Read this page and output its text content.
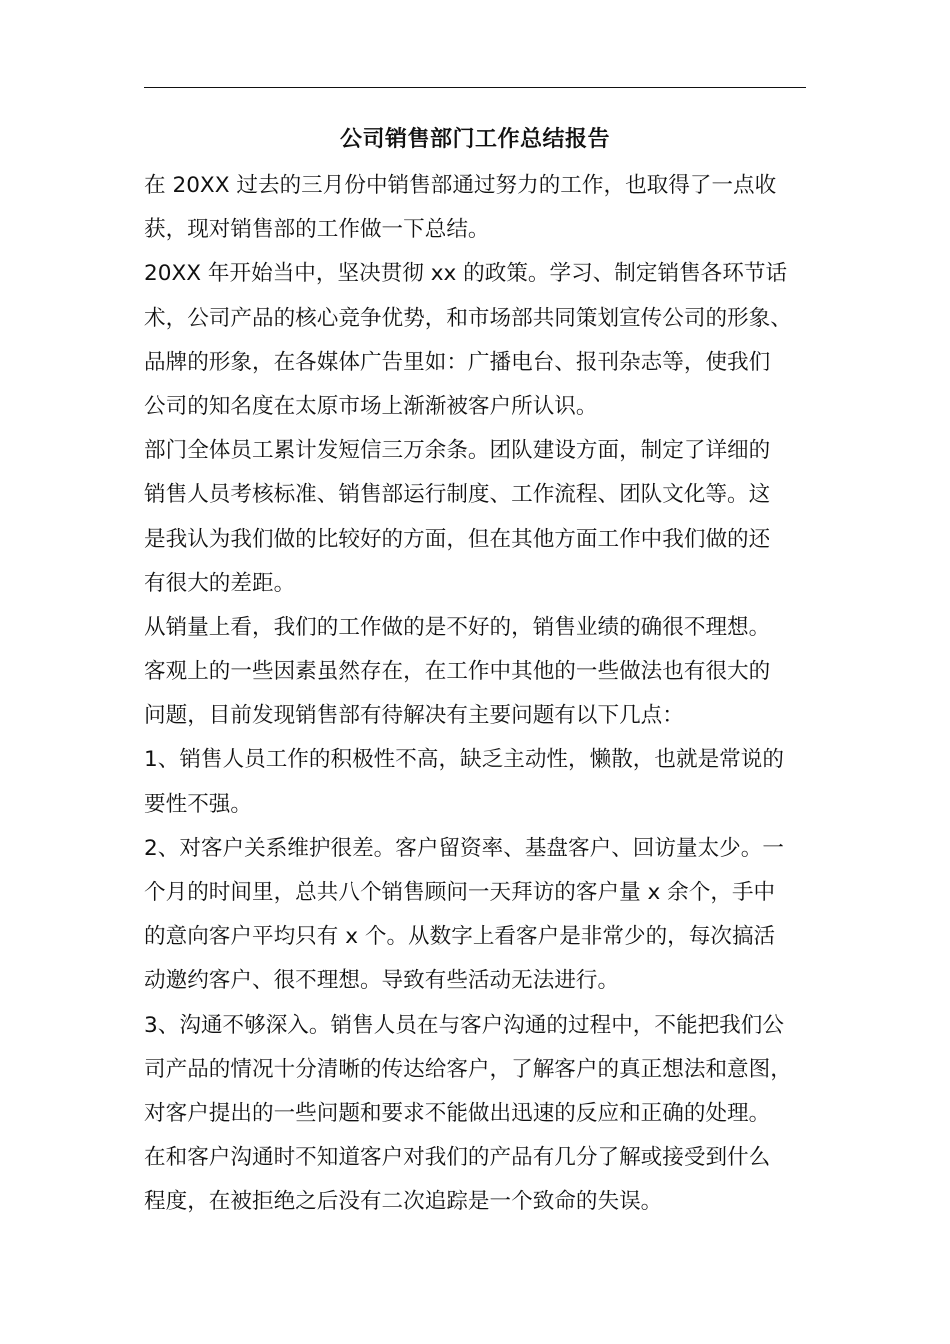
公司销售部门工作总结报告

在 20XX 过去的三月份中销售部通过努力的工作，也取得了一点收

获，现对销售部的工作做一下总结。

20XX 年开始当中，坚决贯彻 xx 的政策。学习、制定销售各环节话

术，公司产品的核心竞争优势，和市场部共同策划宣传公司的形象、

品牌的形象，在各媒体广告里如：广播电台、报刊杂志等，使我们

公司的知名度在太原市场上渐渐被客户所认识。

部门全体员工累计发短信三万余条。团队建设方面，制定了详细的

销售人员考核标准、销售部运行制度、工作流程、团队文化等。这

是我认为我们做的比较好的方面，但在其他方面工作中我们做的还

有很大的差距。

从销量上看，我们的工作做的是不好的，销售业绩的确很不理想。

客观上的一些因素虽然存在，在工作中其他的一些做法也有很大的

问题，目前发现销售部有待解决有主要问题有以下几点：

1、销售人员工作的积极性不高，缺乏主动性，懒散，也就是常说的

要性不强。

2、对客户关系维护很差。客户留资率、基盘客户、回访量太少。一

个月的时间里，总共八个销售顾问一天拜访的客户量 x 余个，手中

的意向客户平均只有 x 个。从数字上看客户是非常少的，每次搞活

动邀约客户、很不理想。导致有些活动无法进行。

3、沟通不够深入。销售人员在与客户沟通的过程中，不能把我们公

司产品的情况十分清晰的传达给客户，了解客户的真正想法和意图，

对客户提出的一些问题和要求不能做出迅速的反应和正确的处理。

在和客户沟通时不知道客户对我们的产品有几分了解或接受到什么

程度，在被拒绝之后没有二次追踪是一个致命的失误。
